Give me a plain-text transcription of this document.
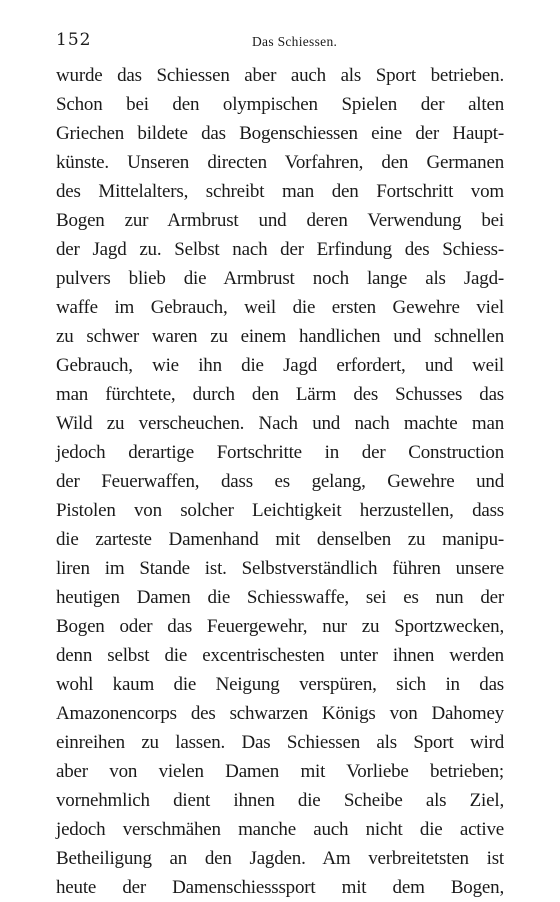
152	Das Schiessen.
wurde das Schiessen aber auch als Sport betrieben.
Schon bei den olympischen Spielen der alten
Griechen bildete das Bogenschiessen eine der Haupt-
künste. Unseren directen Vorfahren, den Germanen
des Mittelalters, schreibt man den Fortschritt vom
Bogen zur Armbrust und deren Verwendung bei
der Jagd zu. Selbst nach der Erfindung des Schiess-
pulvers blieb die Armbrust noch lange als Jagd-
waffe im Gebrauch, weil die ersten Gewehre viel
zu schwer waren zu einem handlichen und schnellen
Gebrauch, wie ihn die Jagd erfordert, und weil
man fürchtete, durch den Lärm des Schusses das
Wild zu verscheuchen. Nach und nach machte man
jedoch derartige Fortschritte in der Construction
der Feuerwaffen, dass es gelang, Gewehre und
Pistolen von solcher Leichtigkeit herzustellen, dass
die zarteste Damenhand mit denselben zu manipu-
liren im Stande ist. Selbstverständlich führen unsere
heutigen Damen die Schiesswaffe, sei es nun der
Bogen oder das Feuergewehr, nur zu Sportzwecken,
denn selbst die excentrischesten unter ihnen werden
wohl kaum die Neigung verspüren, sich in das
Amazonencorps des schwarzen Königs von Dahomey
einreihen zu lassen. Das Schiessen als Sport wird
aber von vielen Damen mit Vorliebe betrieben;
vornehmlich dient ihnen die Scheibe als Ziel,
jedoch verschmähen manche auch nicht die active
Betheiligung an den Jagden. Am verbreitetsten ist
heute der Damenschiesssport mit dem Bogen,
